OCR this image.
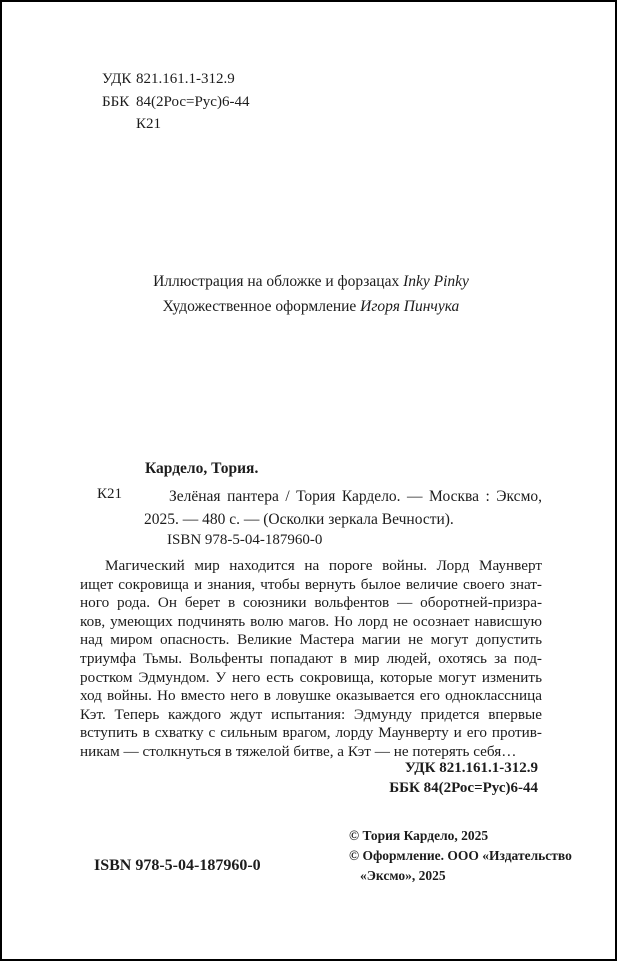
УДК 821.161.1-312.9
ББК 84(2Рос=Рус)6-44
К21
Иллюстрация на обложке и форзацах Inky Pinky
Художественное оформление Игоря Пинчука
Кардело, Тория.
К21	Зелёная пантера / Тория Кардело. — Москва : Эксмо,
2025. — 480 с. — (Осколки зеркала Вечности).
ISBN 978-5-04-187960-0
Магический мир находится на пороге войны. Лорд Маунверт
ищет сокровища и знания, чтобы вернуть былое величие своего знат-
ного рода. Он берет в союзники вольфентов — оборотней-призра-
ков, умеющих подчинять волю магов. Но лорд не осознает нависшую
над миром опасность. Великие Мастера магии не могут допустить
триумфа Тьмы. Вольфенты попадают в мир людей, охотясь за под-
ростком Эдмундом. У него есть сокровища, которые могут изменить
ход войны. Но вместо него в ловушке оказывается его одноклассница
Кэт. Теперь каждого ждут испытания: Эдмунду придется впервые
вступить в схватку с сильным врагом, лорду Маунверту и его против-
никам — столкнуться в тяжелой битве, а Кэт — не потерять себя…
УДК 821.161.1-312.9
ББК 84(2Рос=Рус)6-44
© Тория Кардело, 2025
© Оформление. ООО «Издательство
«Эксмо», 2025
ISBN 978-5-04-187960-0
